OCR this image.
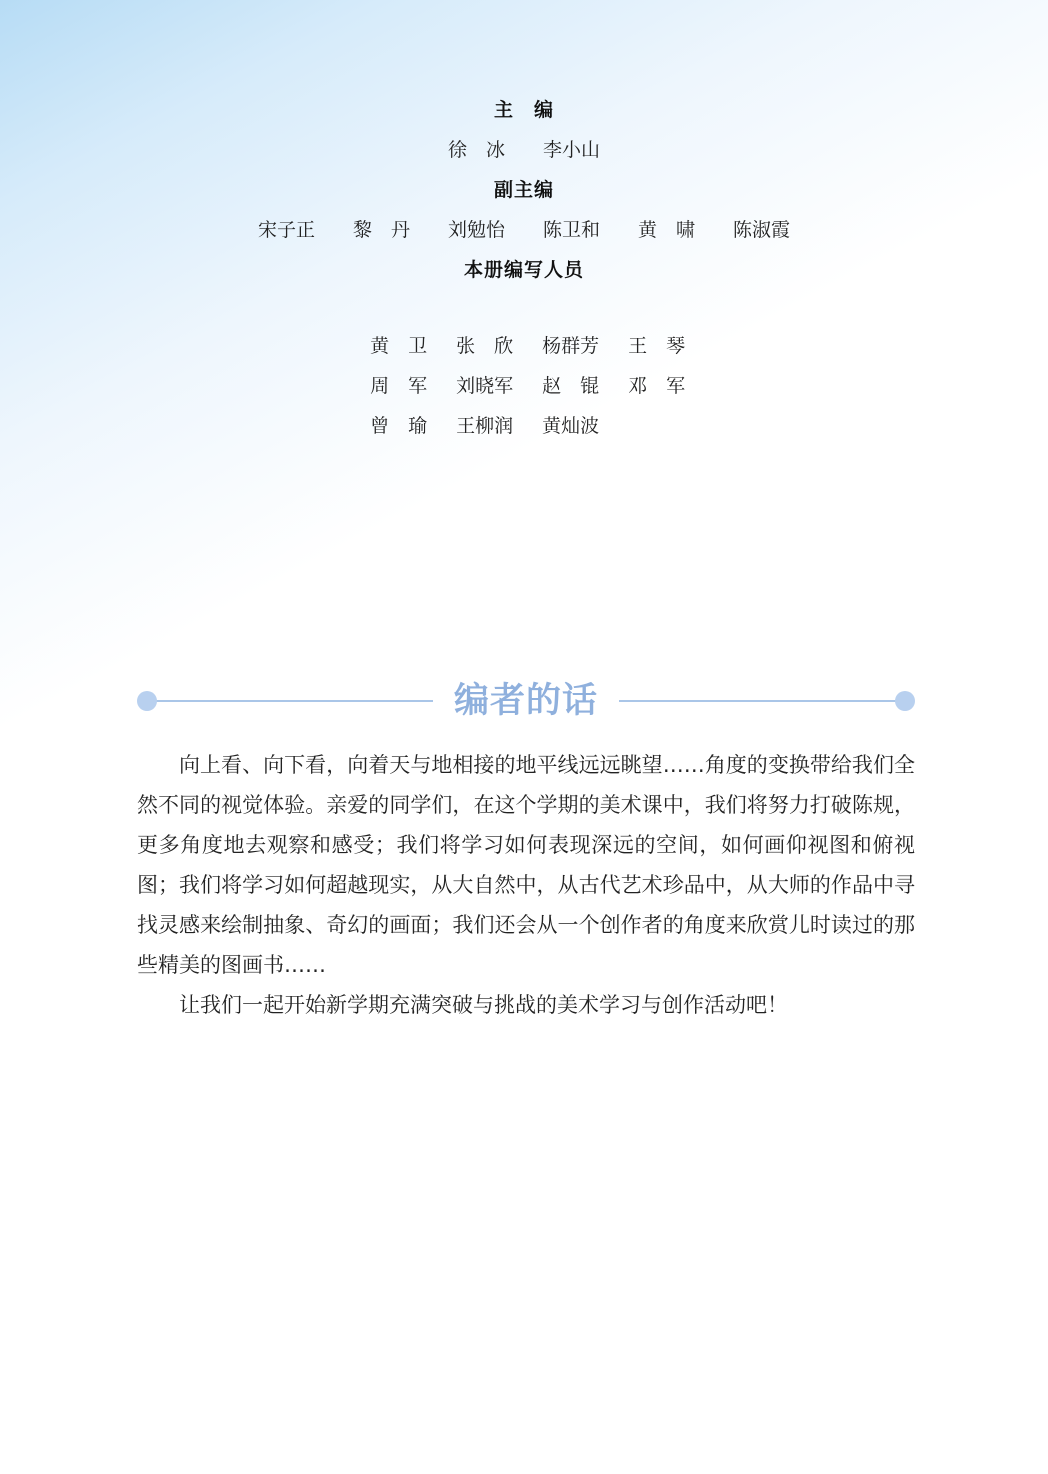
主　编
徐　冰　　李小山
副主编
宋子正　　黎　丹　　刘勉怡　　陈卫和　　黄　啸　　陈淑霞
本册编写人员

黄　卫 张　欣 杨群芳 王　琴

周　军 刘晓军 赵　锟 邓　军

曾　瑜 王柳润 黄灿波

编者的话

向上看、向下看，向着天与地相接的地平线远远眺望……角度的变换带给我们全然不同的视觉体验。亲爱的同学们，在这个学期的美术课中，我们将努力打破陈规，更多角度地去观察和感受；我们将学习如何表现深远的空间，如何画仰视图和俯视图；我们将学习如何超越现实，从大自然中，从古代艺术珍品中，从大师的作品中寻找灵感来绘制抽象、奇幻的画面；我们还会从一个创作者的角度来欣赏儿时读过的那些精美的图画书……

让我们一起开始新学期充满突破与挑战的美术学习与创作活动吧！
